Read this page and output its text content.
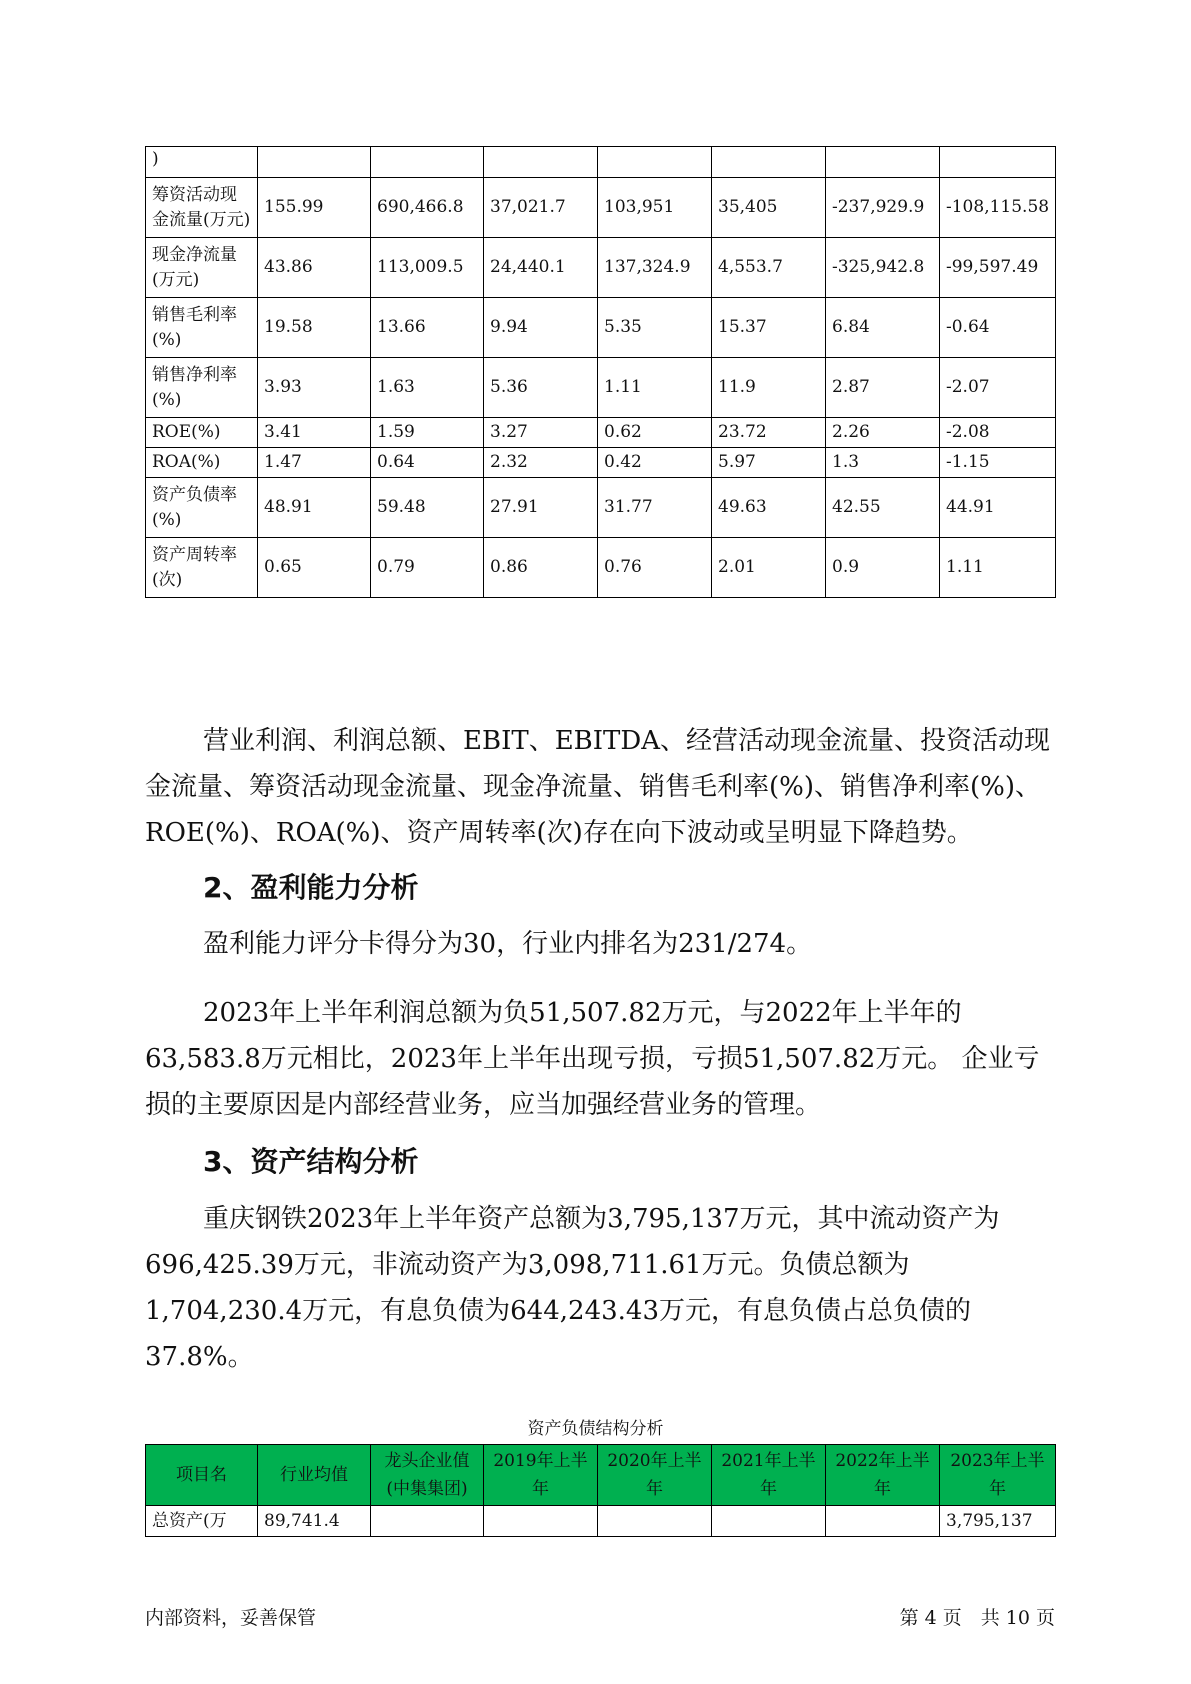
)							
筹资活动现金流量(万元)	155.99	690,466.8	37,021.7	103,951	35,405	-237,929.9	-108,115.58
现金净流量(万元)	43.86	113,009.5	24,440.1	137,324.9	4,553.7	-325,942.8	-99,597.49
销售毛利率(%)	19.58	13.66	9.94	5.35	15.37	6.84	-0.64
销售净利率(%)	3.93	1.63	5.36	1.11	11.9	2.87	-2.07
ROE(%)	3.41	1.59	3.27	0.62	23.72	2.26	-2.08
ROA(%)	1.47	0.64	2.32	0.42	5.97	1.3	-1.15
资产负债率(%)	48.91	59.48	27.91	31.77	49.63	42.55	44.91
资产周转率(次)	0.65	0.79	0.86	0.76	2.01	0.9	1.11
营业利润、利润总额、EBIT、EBITDA、经营活动现金流量、投资活动现金流量、筹资活动现金流量、现金净流量、销售毛利率(%)、销售净利率(%)、ROE(%)、ROA(%)、资产周转率(次)存在向下波动或呈明显下降趋势。
2、盈利能力分析
盈利能力评分卡得分为30，行业内排名为231/274。
2023年上半年利润总额为负51,507.82万元，与2022年上半年的63,583.8万元相比，2023年上半年出现亏损，亏损51,507.82万元。 企业亏损的主要原因是内部经营业务，应当加强经营业务的管理。
3、资产结构分析
重庆钢铁2023年上半年资产总额为3,795,137万元，其中流动资产为696,425.39万元，非流动资产为3,098,711.61万元。负债总额为1,704,230.4万元，有息负债为644,243.43万元，有息负债占总负债的37.8%。
资产负债结构分析
项目名	行业均值	龙头企业值(中集集团)	2019年上半年	2020年上半年	2021年上半年	2022年上半年	2023年上半年
总资产(万	89,741.4						3,795,137
内部资料，妥善保管	第 4 页　共 10 页
